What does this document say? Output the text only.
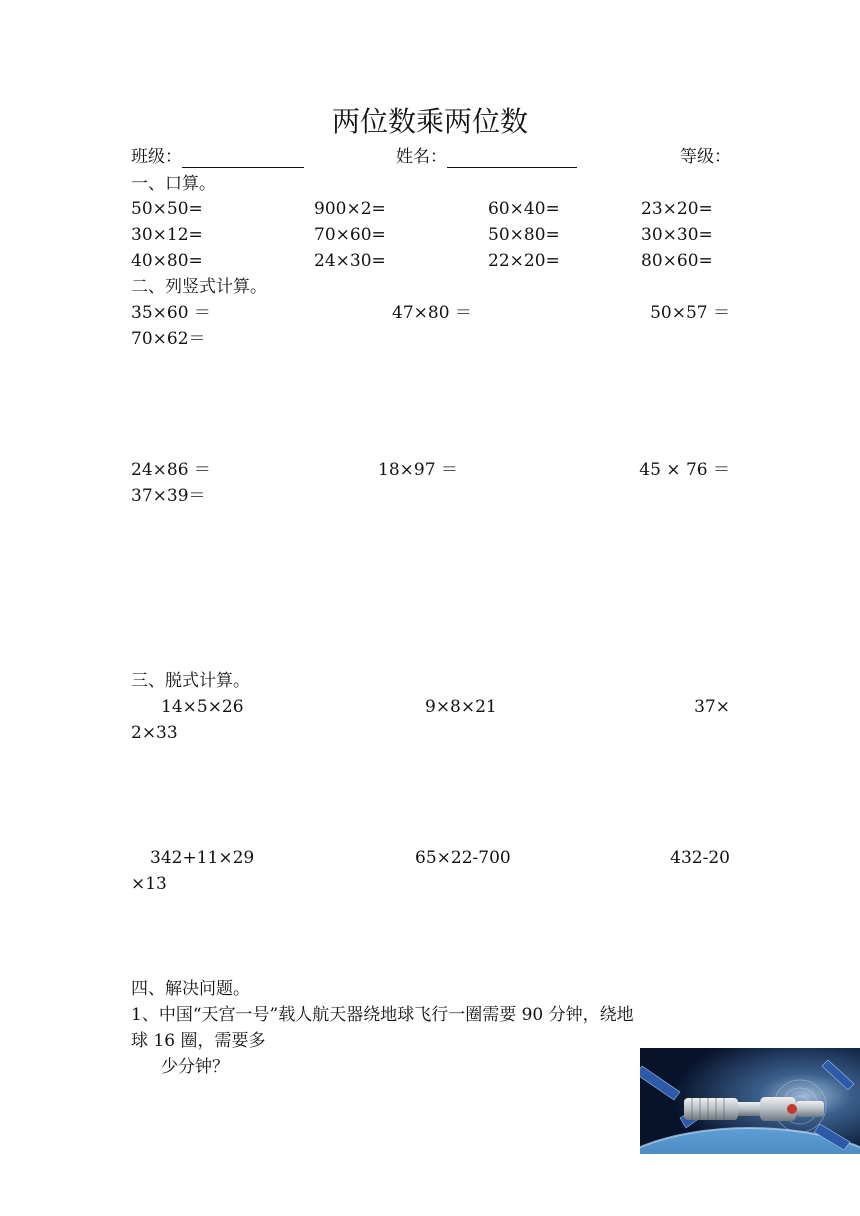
两位数乘两位数
班级：	姓名：	等级：
一、口算。
50×50=	900×2=	60×40=	23×20=
30×12=	70×60=	50×80=	30×30=
40×80=	24×30=	22×20=	80×60=
二、列竖式计算。
35×60 ＝	47×80 ＝	50×57 ＝
70×62＝
24×86 ＝	18×97 ＝	45 × 76 ＝
37×39＝
三、脱式计算。
14×5×26	9×8×21	37×
2×33
342+11×29	65×22-700	432-20
×13
四、解决问题。
1、中国“天宫一号”载人航天器绕地球飞行一圈需要 90 分钟，绕地
球 16 圈，需要多
少分钟？
